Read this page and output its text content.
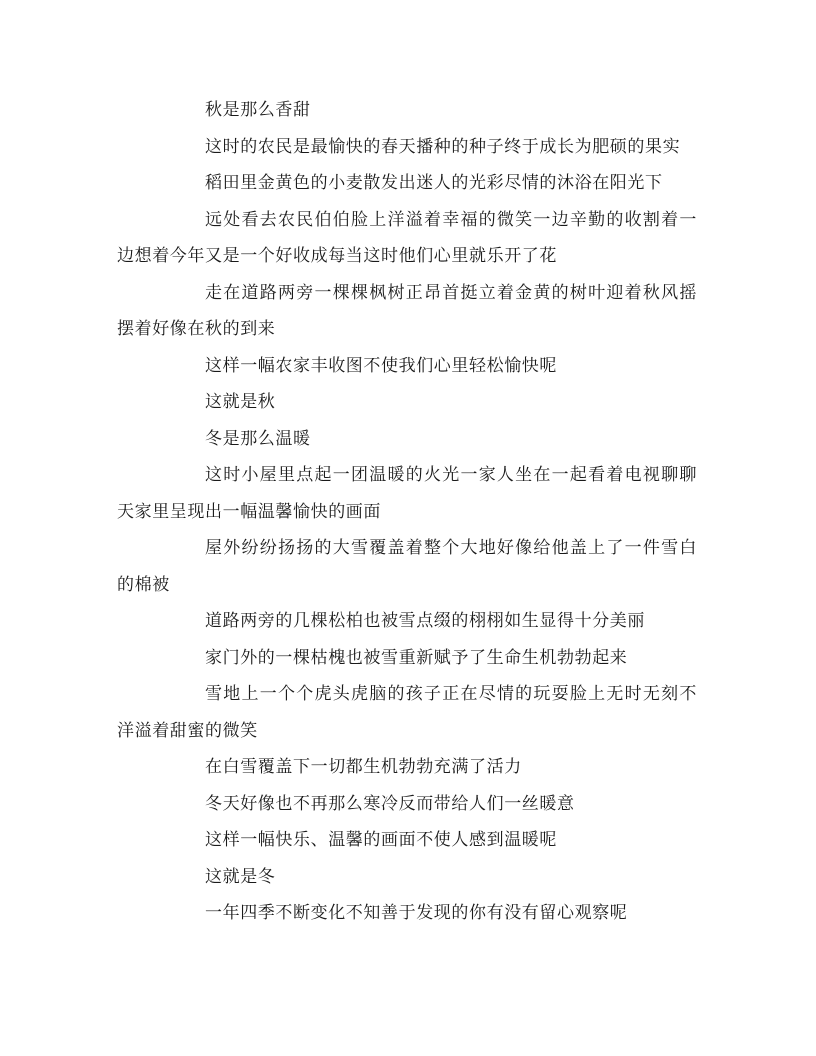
秋是那么香甜

这时的农民是最愉快的春天播种的种子终于成长为肥硕的果实

稻田里金黄色的小麦散发出迷人的光彩尽情的沐浴在阳光下

远处看去农民伯伯脸上洋溢着幸福的微笑一边辛勤的收割着一边想着今年又是一个好收成每当这时他们心里就乐开了花

走在道路两旁一棵棵枫树正昂首挺立着金黄的树叶迎着秋风摇摆着好像在秋的到来

这样一幅农家丰收图不使我们心里轻松愉快呢

这就是秋

冬是那么温暖

这时小屋里点起一团温暖的火光一家人坐在一起看着电视聊聊天家里呈现出一幅温馨愉快的画面

屋外纷纷扬扬的大雪覆盖着整个大地好像给他盖上了一件雪白的棉被

道路两旁的几棵松柏也被雪点缀的栩栩如生显得十分美丽

家门外的一棵枯槐也被雪重新赋予了生命生机勃勃起来

雪地上一个个虎头虎脑的孩子正在尽情的玩耍脸上无时无刻不洋溢着甜蜜的微笑

在白雪覆盖下一切都生机勃勃充满了活力

冬天好像也不再那么寒冷反而带给人们一丝暖意

这样一幅快乐、温馨的画面不使人感到温暖呢

这就是冬

一年四季不断变化不知善于发现的你有没有留心观察呢
